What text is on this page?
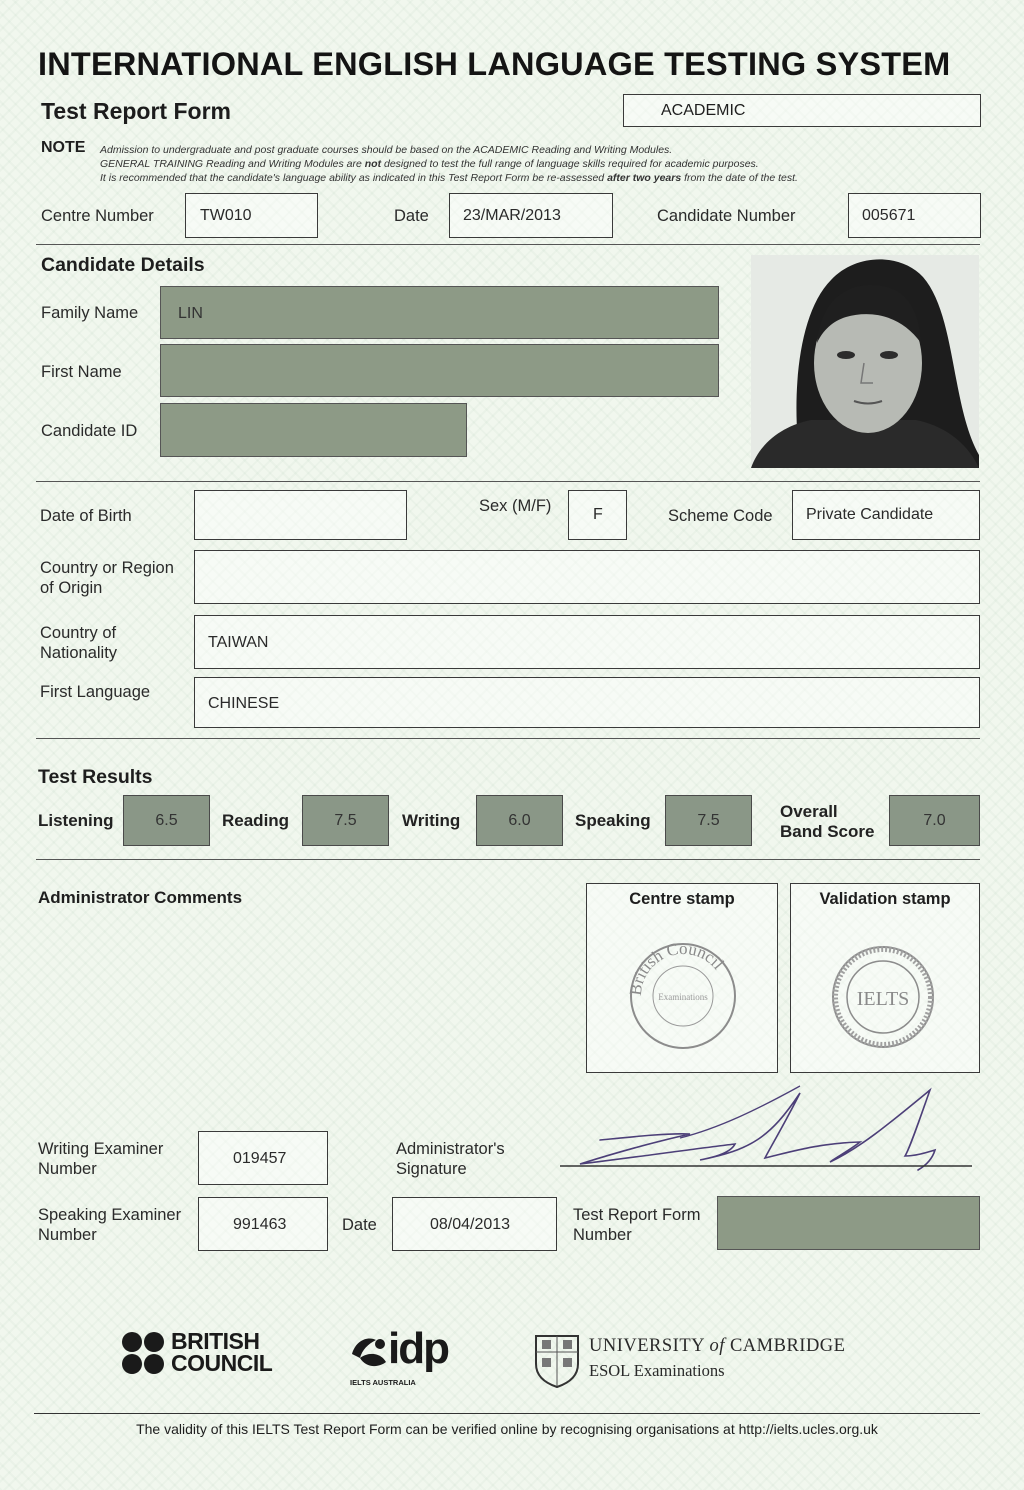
INTERNATIONAL ENGLISH LANGUAGE TESTING SYSTEM
Test Report Form	ACADEMIC
NOTE Admission to undergraduate and post graduate courses should be based on the ACADEMIC Reading and Writing Modules.
GENERAL TRAINING Reading and Writing Modules are not designed to test the full range of language skills required for academic purposes.
It is recommended that the candidate's language ability as indicated in this Test Report Form be re-assessed after two years from the date of the test.
Centre Number	TW010	Date 23/MAR/2013	Candidate Number	005671
Candidate Details
Family Name LIN
First Name
Candidate ID
Date of Birth
Sex (M/F)	F	Scheme Code Private Candidate
Country or Region
of Origin
Country of
Nationality
TAIWAN
First Language
CHINESE
Test Results
Listening	6.5	Reading	7.5	Writing	6.0	Speaking	7.5	Overall
Band Score
7.0
Administrator Comments	Centre stamp
British Council
Examinations
Validation stamp
IELTS
Writing Examiner
Number
019457
Administrator's
Signature
Speaking Examiner
Number
991463	Date	08/04/2013
Test Report Form
Number
BRITISH
COUNCIL	idp
IELTS AUSTRALIA
UNIVERSITY of CAMBRIDGE
ESOL Examinations
The validity of this IELTS Test Report Form can be verified online by recognising organisations at http://ielts.ucles.org.uk
